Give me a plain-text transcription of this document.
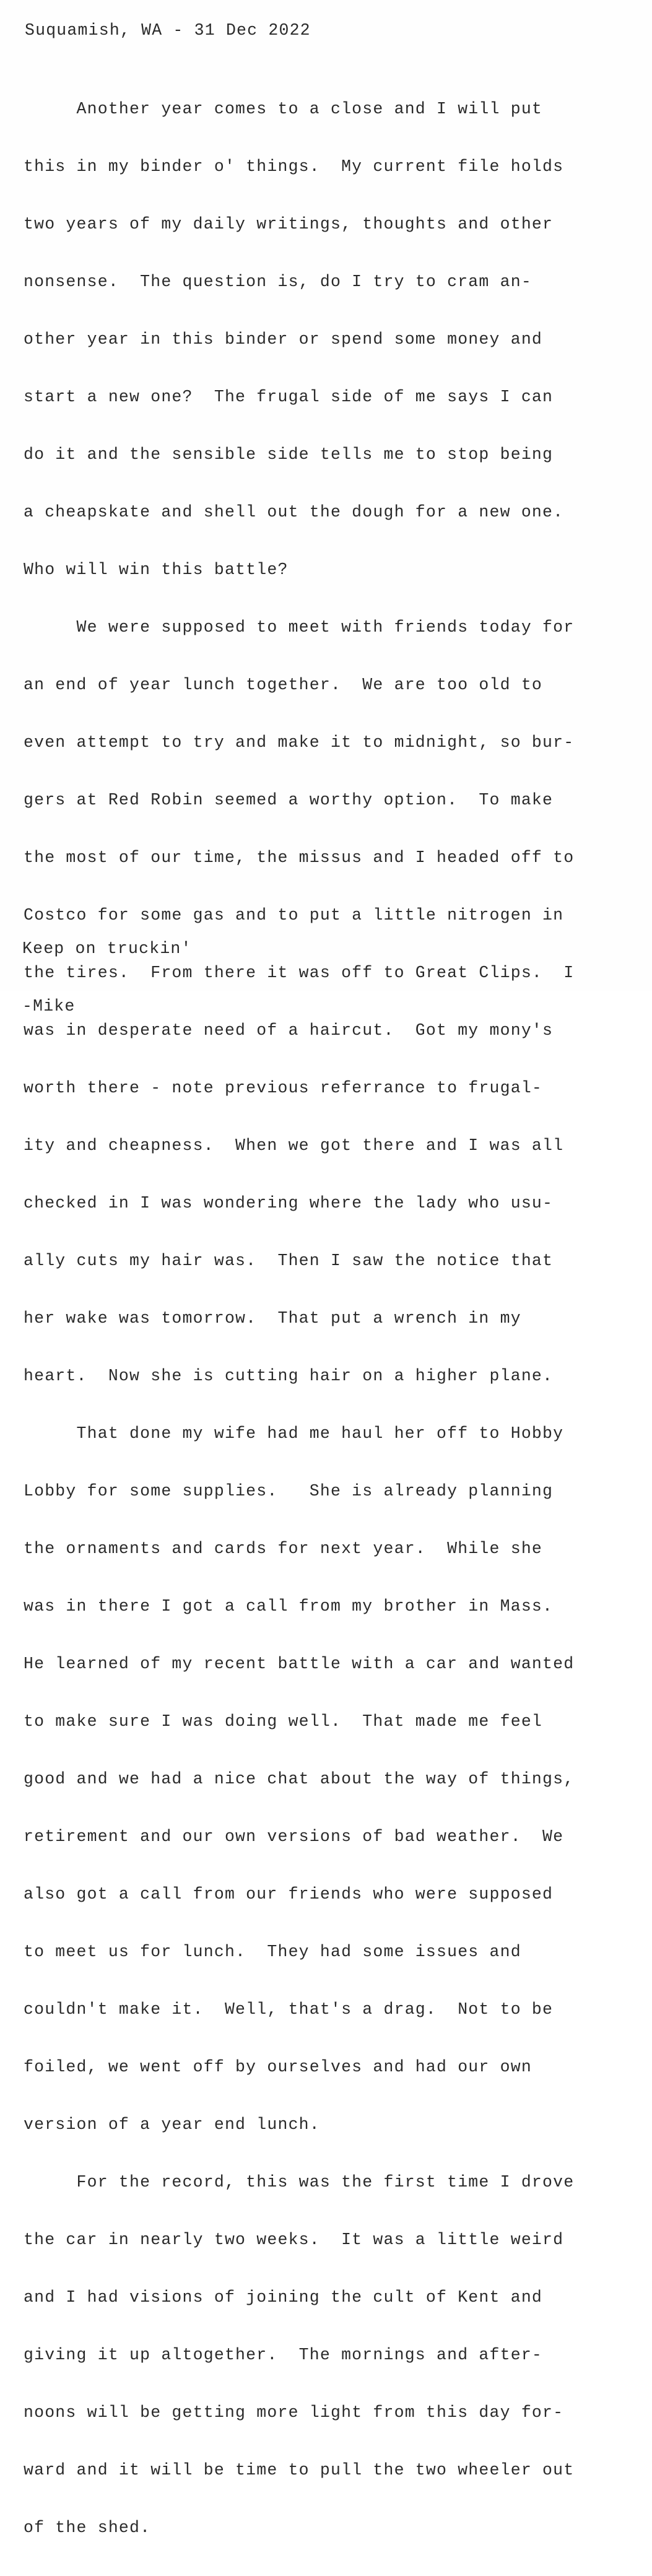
Suquamish, WA - 31 Dec 2022

Another year comes to a close and I will put

this in my binder o' things.  My current file holds

two years of my daily writings, thoughts and other

nonsense.  The question is, do I try to cram an-

other year in this binder or spend some money and

start a new one?  The frugal side of me says I can

do it and the sensible side tells me to stop being

a cheapskate and shell out the dough for a new one.

Who will win this battle?

We were supposed to meet with friends today for

an end of year lunch together.  We are too old to

even attempt to try and make it to midnight, so bur-

gers at Red Robin seemed a worthy option.  To make

the most of our time, the missus and I headed off to

Costco for some gas and to put a little nitrogen in

the tires.  From there it was off to Great Clips.  I

was in desperate need of a haircut.  Got my mony's

worth there - note previous referrance to frugal-

ity and cheapness.  When we got there and I was all

checked in I was wondering where the lady who usu-

ally cuts my hair was.  Then I saw the notice that

her wake was tomorrow.  That put a wrench in my

heart.  Now she is cutting hair on a higher plane.

That done my wife had me haul her off to Hobby

Lobby for some supplies.   She is already planning

the ornaments and cards for next year.  While she

was in there I got a call from my brother in Mass.

He learned of my recent battle with a car and wanted

to make sure I was doing well.  That made me feel

good and we had a nice chat about the way of things,

retirement and our own versions of bad weather.  We

also got a call from our friends who were supposed

to meet us for lunch.  They had some issues and

couldn't make it.  Well, that's a drag.  Not to be

foiled, we went off by ourselves and had our own

version of a year end lunch.

For the record, this was the first time I drove

the car in nearly two weeks.  It was a little weird

and I had visions of joining the cult of Kent and

giving it up altogether.  The mornings and after-

noons will be getting more light from this day for-

ward and it will be time to pull the two wheeler out

of the shed.

Keep on truckin'

-Mike
